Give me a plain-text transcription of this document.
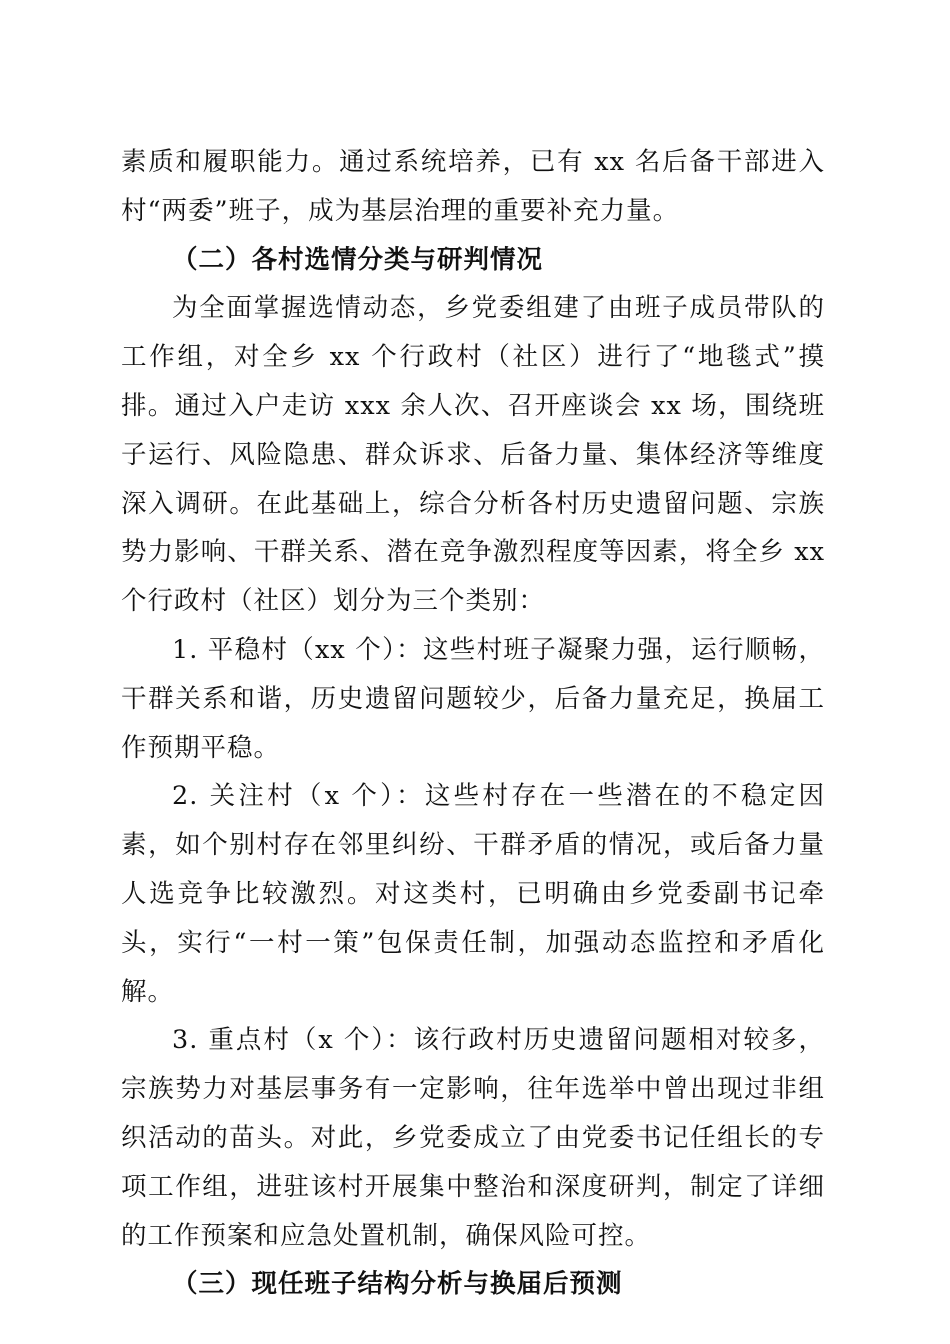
素质和履职能力。通过系统培养，已有 xx 名后备干部进入村“两委”班子，成为基层治理的重要补充力量。

（二）各村选情分类与研判情况

为全面掌握选情动态，乡党委组建了由班子成员带队的工作组，对全乡 xx 个行政村（社区）进行了“地毯式”摸排。通过入户走访 xxx 余人次、召开座谈会 xx 场，围绕班子运行、风险隐患、群众诉求、后备力量、集体经济等维度深入调研。在此基础上，综合分析各村历史遗留问题、宗族势力影响、干群关系、潜在竞争激烈程度等因素，将全乡 xx 个行政村（社区）划分为三个类别：

1. 平稳村（xx 个）：这些村班子凝聚力强，运行顺畅，干群关系和谐，历史遗留问题较少，后备力量充足，换届工作预期平稳。

2. 关注村（x 个）：这些村存在一些潜在的不稳定因素，如个别村存在邻里纠纷、干群矛盾的情况，或后备力量人选竞争比较激烈。对这类村，已明确由乡党委副书记牵头，实行“一村一策”包保责任制，加强动态监控和矛盾化解。

3. 重点村（x 个）：该行政村历史遗留问题相对较多，宗族势力对基层事务有一定影响，往年选举中曾出现过非组织活动的苗头。对此，乡党委成立了由党委书记任组长的专项工作组，进驻该村开展集中整治和深度研判，制定了详细的工作预案和应急处置机制，确保风险可控。

（三）现任班子结构分析与换届后预测
